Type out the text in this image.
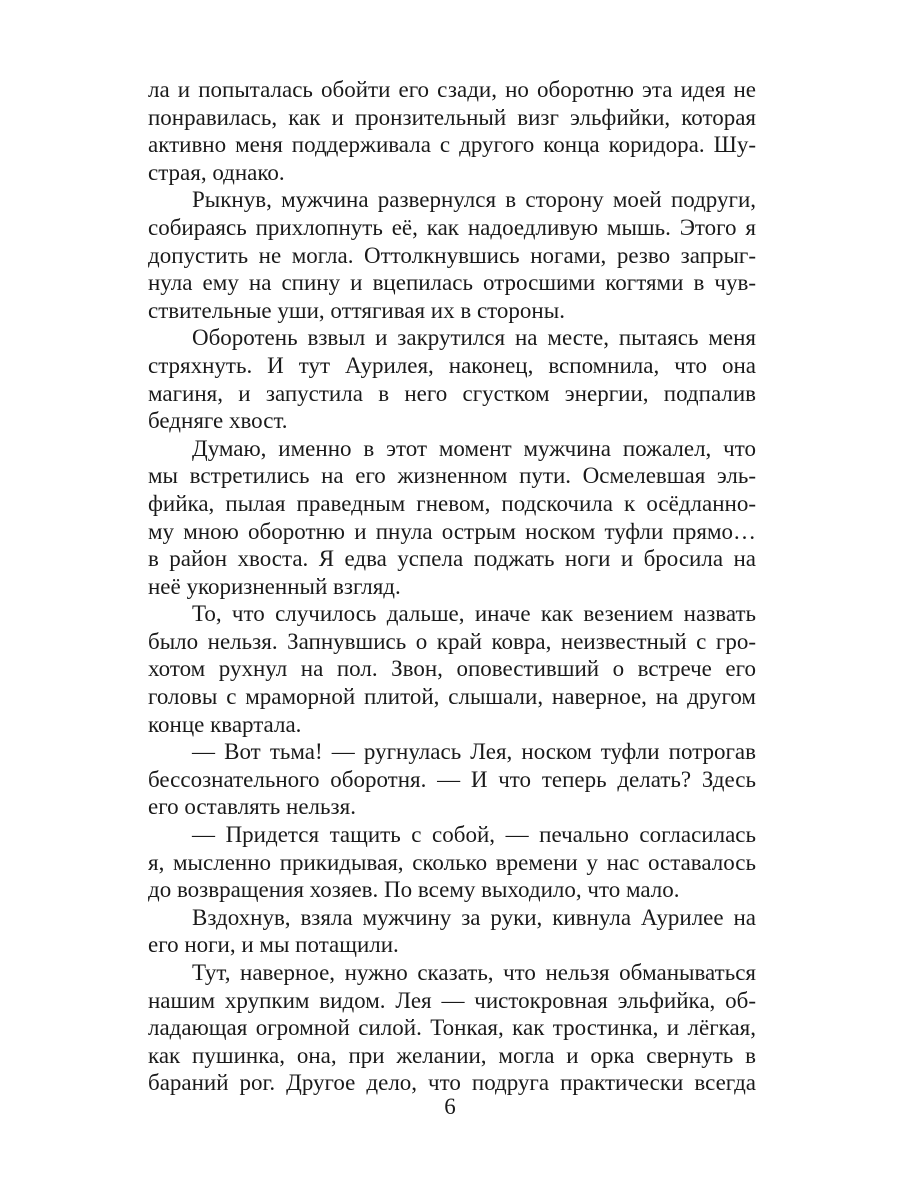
ла и попыталась обойти его сзади, но оборотню эта идея не
понравилась, как и пронзительный визг эльфийки, которая
активно меня поддерживала с другого конца коридора. Шу-
страя, однако.
Рыкнув, мужчина развернулся в сторону моей подруги,
собираясь прихлопнуть её, как надоедливую мышь. Этого я
допустить не могла. Оттолкнувшись ногами, резво запрыг-
нула ему на спину и вцепилась отросшими когтями в чув-
ствительные уши, оттягивая их в стороны.
Оборотень взвыл и закрутился на месте, пытаясь меня
стряхнуть. И тут Аурилея, наконец, вспомнила, что она
магиня, и запустила в него сгустком энергии, подпалив
бедняге хвост.
Думаю, именно в этот момент мужчина пожалел, что
мы встретились на его жизненном пути. Осмелевшая эль-
фийка, пылая праведным гневом, подскочила к осёдланно-
му мною оборотню и пнула острым носком туфли прямо…
в район хвоста. Я едва успела поджать ноги и бросила на
неё укоризненный взгляд.
То, что случилось дальше, иначе как везением назвать
было нельзя. Запнувшись о край ковра, неизвестный с гро-
хотом рухнул на пол. Звон, оповестивший о встрече его
головы с мраморной плитой, слышали, наверное, на другом
конце квартала.
— Вот тьма! — ругнулась Лея, носком туфли потрогав
бессознательного оборотня. — И что теперь делать? Здесь
его оставлять нельзя.
— Придется тащить с собой, — печально согласилась
я, мысленно прикидывая, сколько времени у нас оставалось
до возвращения хозяев. По всему выходило, что мало.
Вздохнув, взяла мужчину за руки, кивнула Аурилее на
его ноги, и мы потащили.
Тут, наверное, нужно сказать, что нельзя обманываться
нашим хрупким видом. Лея — чистокровная эльфийка, об-
ладающая огромной силой. Тонкая, как тростинка, и лёгкая,
как пушинка, она, при желании, могла и орка свернуть в
бараний рог. Другое дело, что подруга практически всегда
6
